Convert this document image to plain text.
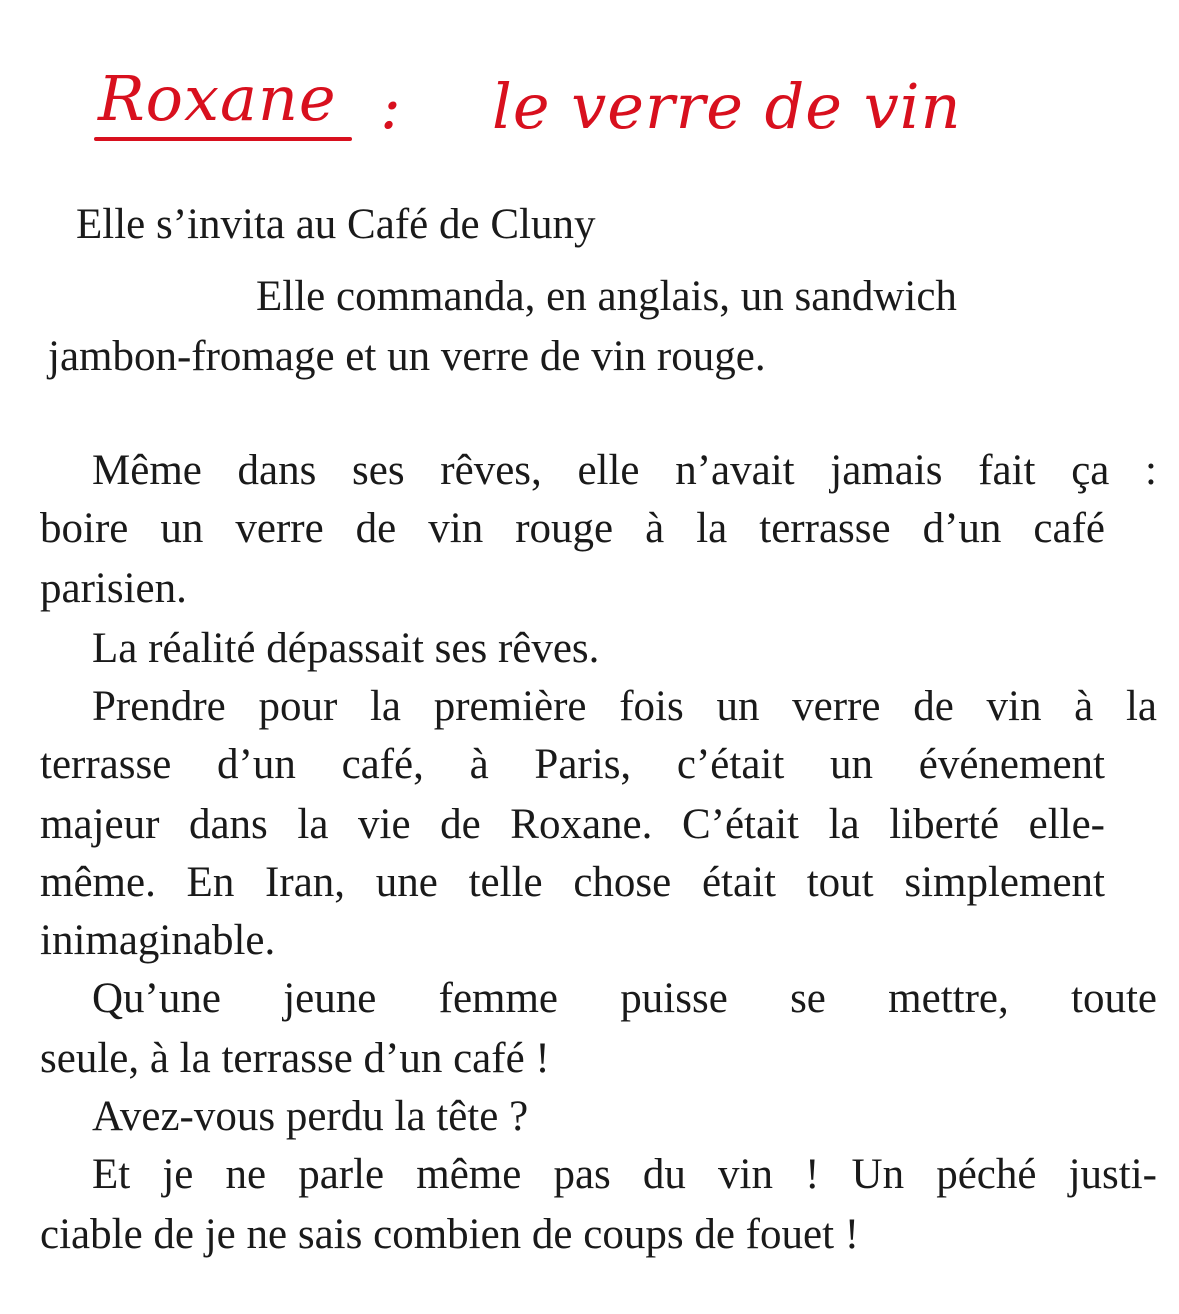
Roxane : le verre de vin
Elle s’invita au Café de Cluny
Elle commanda, en anglais, un sandwich
jambon-fromage et un verre de vin rouge.
Même dans ses rêves, elle n’avait jamais fait ça :
boire un verre de vin rouge à la terrasse d’un café
parisien.
La réalité dépassait ses rêves.
Prendre pour la première fois un verre de vin à la
terrasse d’un café, à Paris, c’était un événement
majeur dans la vie de Roxane. C’était la liberté elle-
même. En Iran, une telle chose était tout simplement
inimaginable.
Qu’une jeune femme puisse se mettre, toute
seule, à la terrasse d’un café !
Avez-vous perdu la tête ?
Et je ne parle même pas du vin ! Un péché justi-
ciable de je ne sais combien de coups de fouet !
